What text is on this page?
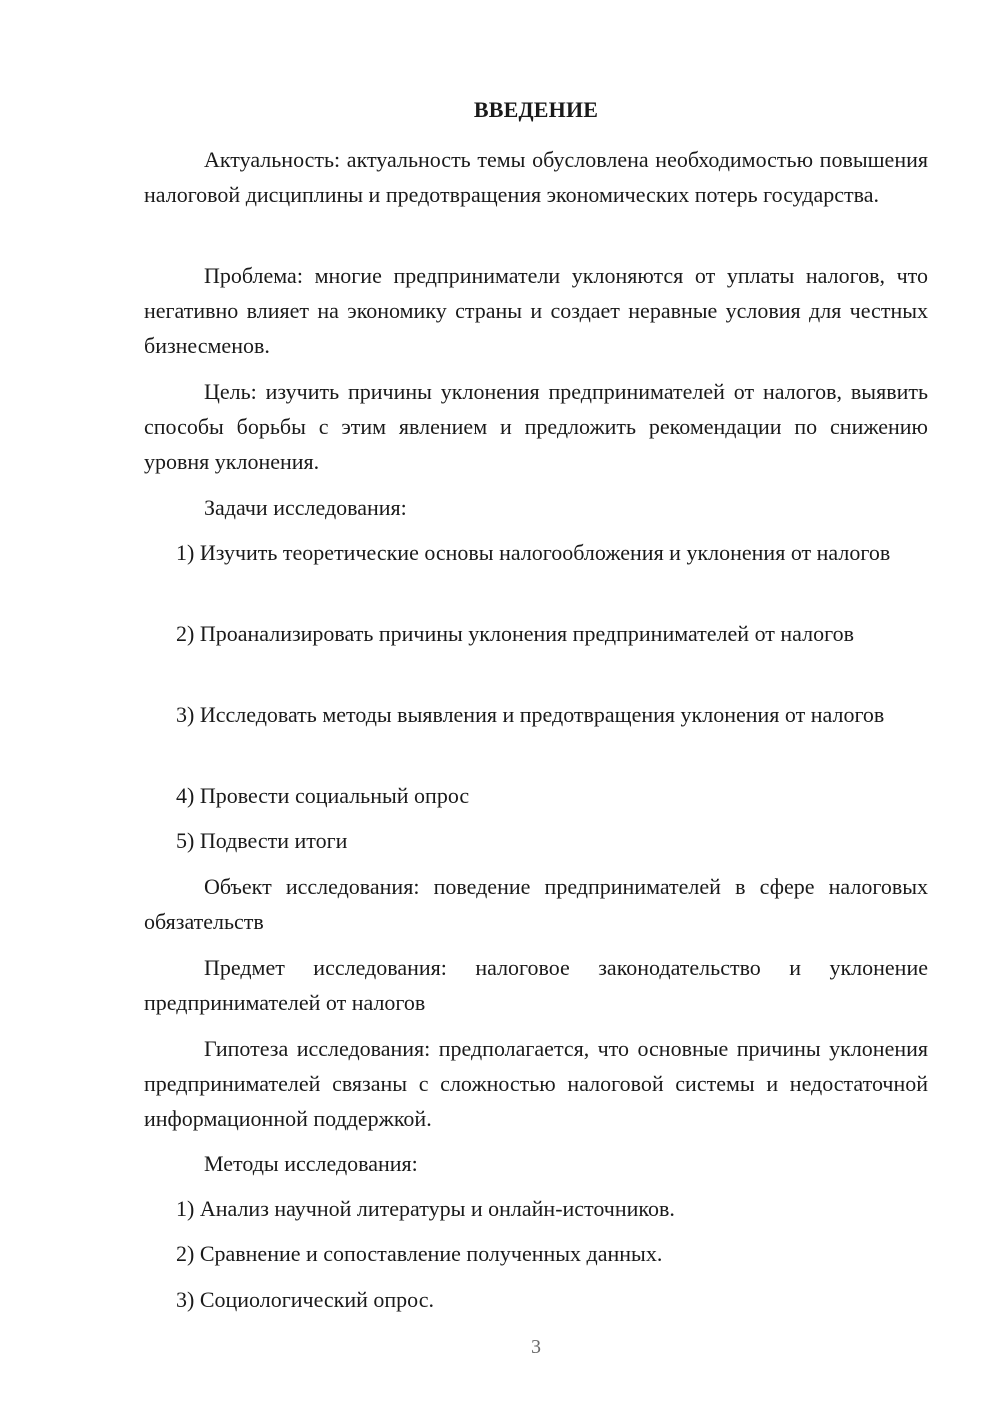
ВВЕДЕНИЕ
Актуальность: актуальность темы обусловлена необходимостью повышения налоговой дисциплины и предотвращения экономических потерь государства.
Проблема: многие предприниматели уклоняются от уплаты налогов, что негативно влияет на экономику страны и создает неравные условия для честных бизнесменов.
Цель: изучить причины уклонения предпринимателей от налогов, выявить способы борьбы с этим явлением и предложить рекомендации по снижению уровня уклонения.
Задачи исследования:
1) Изучить теоретические основы налогообложения и уклонения от налогов
2) Проанализировать причины уклонения предпринимателей от налогов
3) Исследовать методы выявления и предотвращения уклонения от налогов
4) Провести социальный опрос
5) Подвести итоги
Объект исследования: поведение предпринимателей в сфере налоговых обязательств
Предмет исследования: налоговое законодательство и уклонение предпринимателей от налогов
Гипотеза исследования: предполагается, что основные причины уклонения предпринимателей связаны с сложностью налоговой системы и недостаточной информационной поддержкой.
Методы исследования:
1) Анализ научной литературы и онлайн-источников.
2) Сравнение и сопоставление полученных данных.
3) Социологический опрос.
3
